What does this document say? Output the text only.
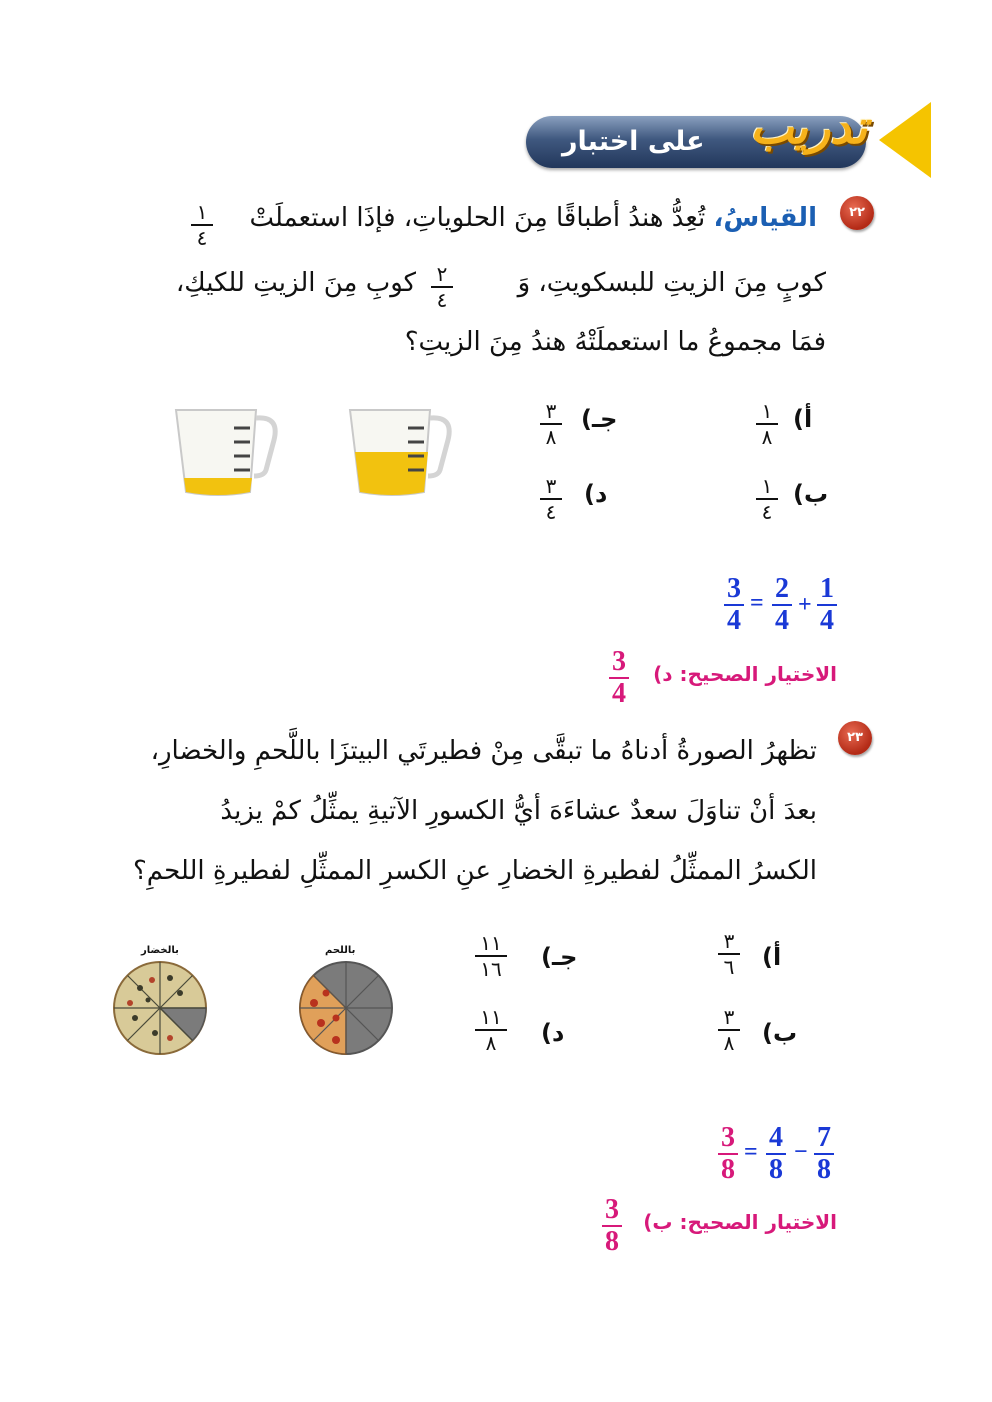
على اختبار تدريب
٢٢
القياسُ، تُعِدُّ هندُ أطباقًا مِنَ الحلوياتِ، فإذَا استعملَتْ
١
٤
كوبٍ مِنَ الزيتِ للبسكويتِ، وَ
٢
٤
كوبِ مِنَ الزيتِ للكيكِ،
فمَا مجموعُ ما استعملَتْهُ هندُ مِنَ الزيتِ؟
أ)
١
٨
ب)
١
٤
جـ)
٣
٨
د)
٣
٤
3
4
= 2
4 +
1
4
الاختيار الصحيح: د)
3
4
٢٣
تظهرُ الصورةُ أدناهُ ما تبقَّى مِنْ فطيرتَي البيتزَا باللَّحمِ والخضارِ،
بعدَ أنْ تناوَلَ سعدٌ عشاءَهَ أيُّ الكسورِ الآتيةِ يمثِّلُ كمْ يزيدُ
الكسرُ الممثِّلُ لفطيرةِ الخضارِ عنِ الكسرِ الممثِّلِ لفطيرةِ اللحمِ؟
بالخضار	باللحم	أ)
٣
٦
ب)
٣
٨
جـ)
١١
١٦
د)
١١
٨
3
8
= 4
8
− 7
8
الاختيار الصحيح: ب)
3
8
